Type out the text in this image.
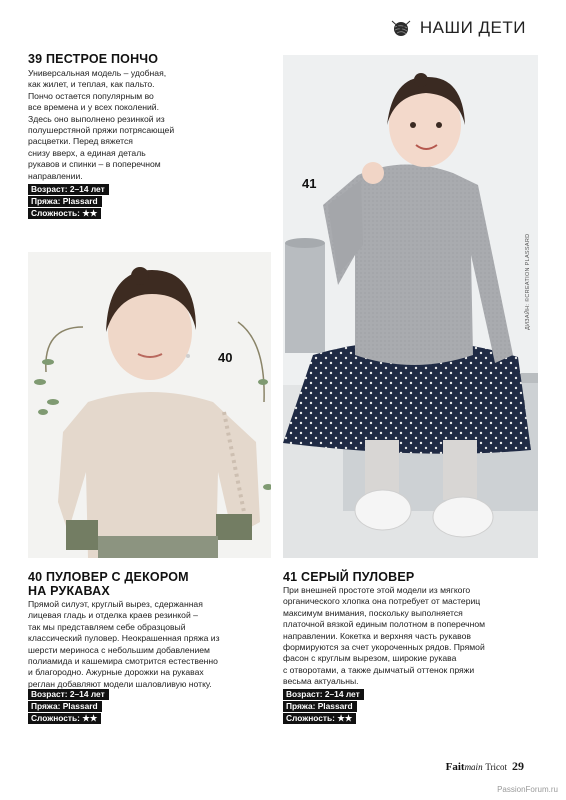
НАШИ ДЕТИ
39 ПЕСТРОЕ ПОНЧО
Универсальная модель – удобная,
как жилет, и теплая, как пальто.
Пончо остается популярным во
все времена и у всех поколений.
Здесь оно выполнено резинкой из
полушерстяной пряжи потрясающей
расцветки. Перед вяжется
снизу вверх, а единая деталь
рукавов и спинки – в поперечном
направлении.
Возраст: 2–14 лет
Пряжа: Plassard
Сложность: ★★
41
ДИЗАЙН: ©CREATION PLASSARD
40
40 ПУЛОВЕР С ДЕКОРОМ
НА РУКАВАХ
Прямой силуэт, круглый вырез, сдержанная
лицевая гладь и отделка краев резинкой –
так мы представляем себе образцовый
классический пуловер. Неокрашенная пряжа из
шерсти мериноса с небольшим добавлением
полиамида и кашемира смотрится естественно
и благородно. Ажурные дорожки на рукавах
реглан добавляют модели шаловливую нотку.
Возраст: 2–14 лет
Пряжа: Plassard
Сложность: ★★
41 СЕРЫЙ ПУЛОВЕР
При внешней простоте этой модели из мягкого
органического хлопка она потребует от мастериц
максимум внимания, поскольку выполняется
платочной вязкой единым полотном в поперечном
направлении. Кокетка и верхняя часть рукавов
формируются за счет укороченных рядов. Прямой
фасон с круглым вырезом, широкие рукава
с отворотами, а также дымчатый оттенок пряжи
весьма актуальны.
Возраст: 2–14 лет
Пряжа: Plassard
Сложность: ★★
Faitmain Tricot 29
PassionForum.ru
